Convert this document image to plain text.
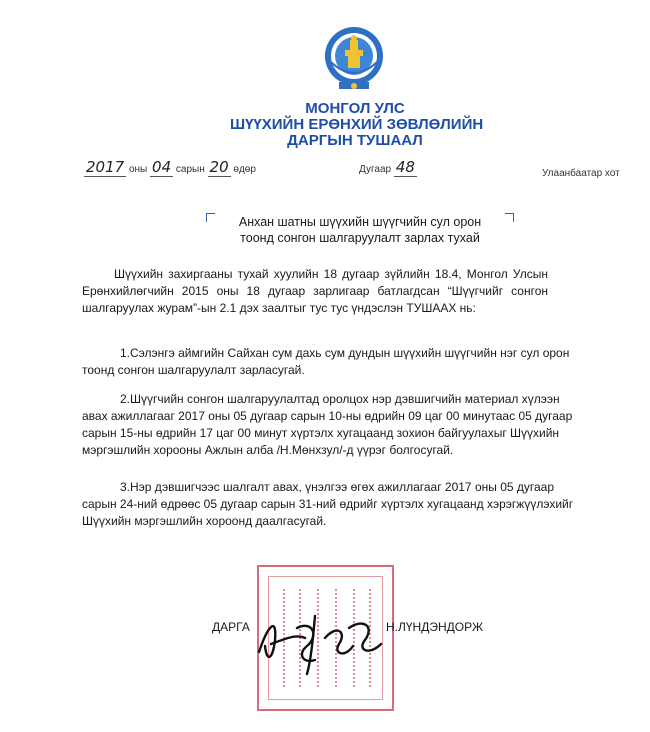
МОНГОЛ УЛС
ШҮҮХИЙН ЕРӨНХИЙ ЗӨВЛӨЛИЙН
ДАРГЫН ТУШААЛ
2017 оны 04 сарын 20 өдөр	Дугаар 48	Улаанбаатар хот
Анхан шатны шүүхийн шүүгчийн сул орон
тоонд сонгон шалгаруулалт зарлах тухай
Шүүхийн захиргааны тухай хуулийн 18 дугаар зүйлийн 18.4, Монгол Улсын
Ерөнхийлөгчийн 2015 оны 18 дугаар зарлигаар батлагдсан “Шүүгчийг сонгон
шалгаруулах журам”-ын 2.1 дэх заалтыг тус тус үндэслэн ТУШААХ нь:
1.Сэлэнгэ аймгийн Сайхан сум дахь сум дундын шүүхийн шүүгчийн нэг сул орон
тоонд сонгон шалгаруулалт зарласугай.
2.Шүүгчийн сонгон шалгаруулалтад оролцох нэр дэвшигчийн материал хүлээн
авах ажиллагааг 2017 оны 05 дугаар сарын 10-ны өдрийн 09 цаг 00 минутаас 05 дугаар
сарын 15-ны өдрийн 17 цаг 00 минут хүртэлх хугацаанд зохион байгуулахыг Шүүхийн
мэргэшлийн хорооны Ажлын алба /Н.Мөнхзул/-д үүрэг болгосугай.
3.Нэр дэвшигчээс шалгалт авах, үнэлгээ өгөх ажиллагааг 2017 оны 05 дугаар
сарын 24-ний өдрөөс 05 дугаар сарын 31-ний өдрийг хүртэлх хугацаанд хэрэгжүүлэхийг
Шүүхийн мэргэшлийн хороонд даалгасугай.
ДАРГА	Н.ЛҮНДЭНДОРЖ
